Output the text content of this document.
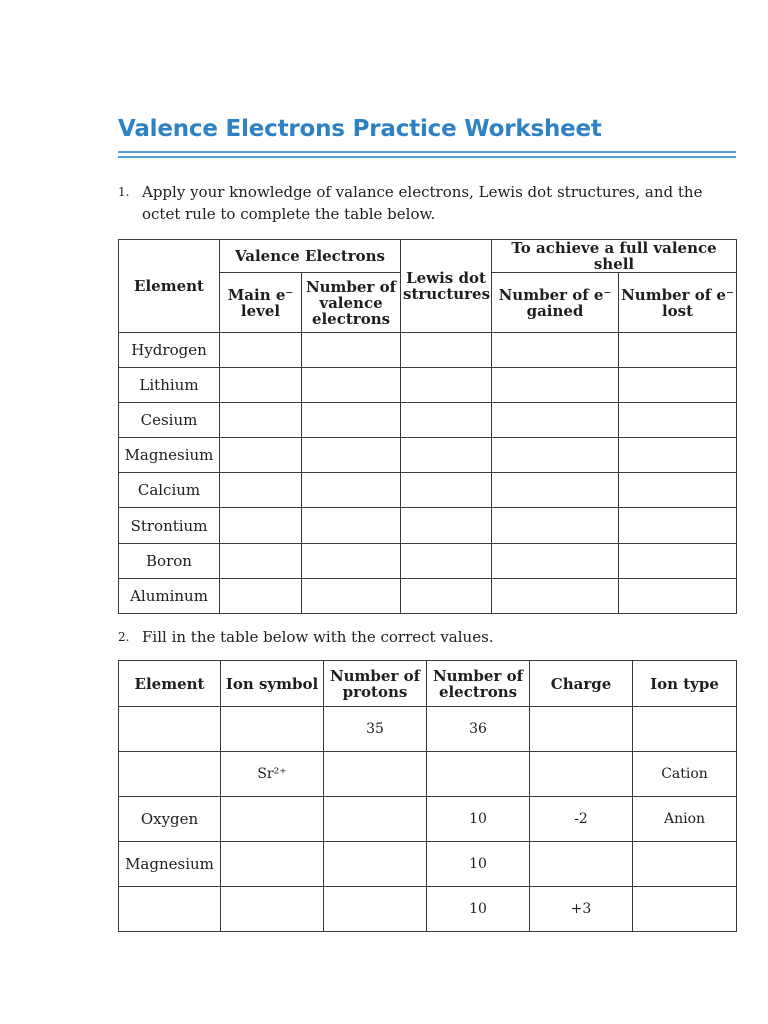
Valence Electrons Practice Worksheet
1. Apply your knowledge of valance electrons, Lewis dot structures, and the octet rule to complete the table below.
Element	Valence Electrons		Lewis dot structures	To achieve a full valence shell	
	Main e⁻ level	Number of valence electrons		Number of e⁻ gained	Number of e⁻ lost
Hydrogen					
Lithium					
Cesium					
Magnesium					
Calcium					
Strontium					
Boron					
Aluminum					
2. Fill in the table below with the correct values.
Element	Ion symbol	Number of protons	Number of electrons	Charge	Ion type
		35	36		
	Sr²⁺				Cation
Oxygen			10	-2	Anion
Magnesium			10		
			10	+3	
